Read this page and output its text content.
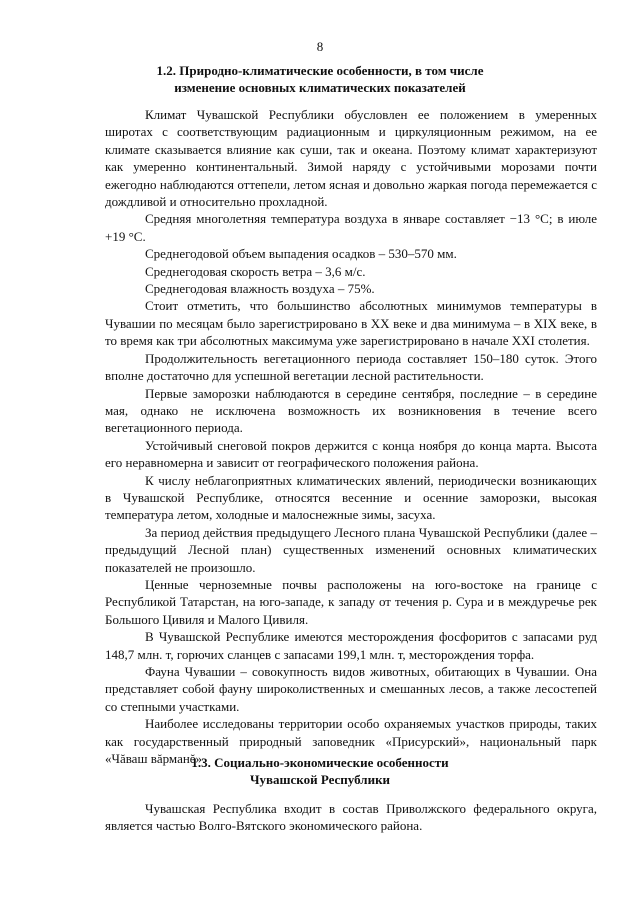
8
1.2. Природно-климатические особенности, в том числе
изменение основных климатических показателей

Климат Чувашской Республики обусловлен ее положением в умеренных широтах с соответствующим радиационным и циркуляционным режимом, на ее климате сказывается влияние как суши, так и океана. Поэтому климат характеризуют как умеренно континентальный. Зимой наряду с устойчивыми морозами почти ежегодно наблюдаются оттепели, летом ясная и довольно жаркая погода перемежается с дождливой и относительно прохладной.

Средняя многолетняя температура воздуха в январе составляет −13 °С; в июле +19 °С.

Среднегодовой объем выпадения осадков – 530–570 мм.

Среднегодовая скорость ветра – 3,6 м/с.

Среднегодовая влажность воздуха – 75%.

Стоит отметить, что большинство абсолютных минимумов температуры в Чувашии по месяцам было зарегистрировано в XX веке и два минимума – в XIX веке, в то время как три абсолютных максимума уже зарегистрировано в начале XXI столетия.

Продолжительность вегетационного периода составляет 150–180 суток. Этого вполне достаточно для успешной вегетации лесной растительности.

Первые заморозки наблюдаются в середине сентября, последние – в середине мая, однако не исключена возможность их возникновения в течение всего вегетационного периода.

Устойчивый снеговой покров держится с конца ноября до конца марта. Высота его неравномерна и зависит от географического положения района.

К числу неблагоприятных климатических явлений, периодически возникающих в Чувашской Республике, относятся весенние и осенние заморозки, высокая температура летом, холодные и малоснежные зимы, засуха.

За период действия предыдущего Лесного плана Чувашской Республики (далее – предыдущий Лесной план) существенных изменений основных климатических показателей не произошло.

Ценные черноземные почвы расположены на юго-востоке на границе с Республикой Татарстан, на юго-западе, к западу от течения р. Сура и в междуречье рек Большого Цивиля и Малого Цивиля.

В Чувашской Республике имеются месторождения фосфоритов с запасами руд 148,7 млн. т, горючих сланцев с запасами 199,1 млн. т, месторождения торфа.

Фауна Чувашии – совокупность видов животных, обитающих в Чувашии. Она представляет собой фауну широколиственных и смешанных лесов, а также лесостепей со степными участками.

Наиболее исследованы территории особо охраняемых участков природы, таких как государственный природный заповедник «Присурский», национальный парк «Чăваш вăрманĕ».

1.3. Социально-экономические особенности
Чувашской Республики

Чувашская Республика входит в состав Приволжского федерального округа, является частью Волго-Вятского экономического района.
